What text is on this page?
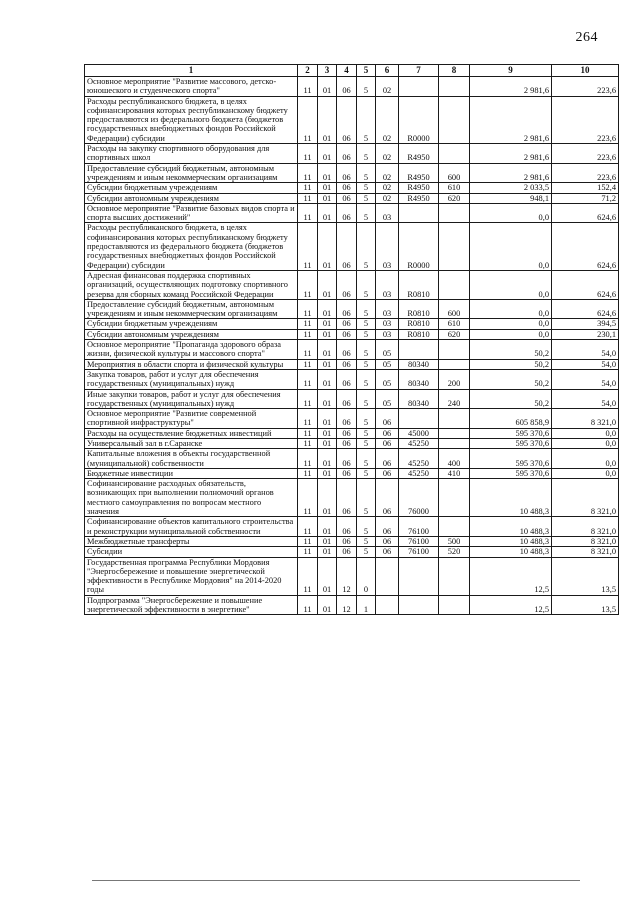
264
1	2	3	4	5	6	7	8	9	10
Основное мероприятие "Развитие массового, детско-юношеского и студенческого спорта"	11	01	06	5	02			2 981,6	223,6
Расходы республиканского бюджета, в целях софинансирования которых республиканскому бюджету предоставляются из федерального бюджета (бюджетов государственных внебюджетных фондов Российской Федерации) субсидии	11	01	06	5	02	R0000		2 981,6	223,6
Расходы на закупку спортивного оборудования для спортивных школ	11	01	06	5	02	R4950		2 981,6	223,6
Предоставление субсидий бюджетным, автономным учреждениям и иным некоммерческим организациям	11	01	06	5	02	R4950	600	2 981,6	223,6
Субсидии бюджетным учреждениям	11	01	06	5	02	R4950	610	2 033,5	152,4
Субсидии автономным учреждениям	11	01	06	5	02	R4950	620	948,1	71,2
Основное мероприятие "Развитие базовых видов спорта и спорта высших достижений"	11	01	06	5	03			0,0	624,6
Расходы республиканского бюджета, в целях софинансирования которых республиканскому бюджету предоставляются из федерального бюджета (бюджетов государственных внебюджетных фондов Российской Федерации) субсидии	11	01	06	5	03	R0000		0,0	624,6
Адресная финансовая поддержка спортивных организаций, осуществляющих подготовку спортивного резерва для сборных команд Российской Федерации	11	01	06	5	03	R0810		0,0	624,6
Предоставление субсидий бюджетным, автономным учреждениям и иным некоммерческим организациям	11	01	06	5	03	R0810	600	0,0	624,6
Субсидии бюджетным учреждениям	11	01	06	5	03	R0810	610	0,0	394,5
Субсидии автономным учреждениям	11	01	06	5	03	R0810	620	0,0	230,1
Основное мероприятие "Пропаганда здорового образа жизни, физической культуры и массового спорта"	11	01	06	5	05			50,2	54,0
Мероприятия в области спорта и физической культуры	11	01	06	5	05	80340		50,2	54,0
Закупка товаров, работ и услуг для обеспечения государственных (муниципальных) нужд	11	01	06	5	05	80340	200	50,2	54,0
Иные закупки товаров, работ и услуг для обеспечения государственных (муниципальных) нужд	11	01	06	5	05	80340	240	50,2	54,0
Основное мероприятие "Развитие современной спортивной инфраструктуры"	11	01	06	5	06			605 858,9	8 321,0
Расходы на осуществление бюджетных инвестиций	11	01	06	5	06	45000		595 370,6	0,0
Универсальный зал в г.Саранске	11	01	06	5	06	45250		595 370,6	0,0
Капитальные вложения в объекты государственной (муниципальной) собственности	11	01	06	5	06	45250	400	595 370,6	0,0
Бюджетные инвестиции	11	01	06	5	06	45250	410	595 370,6	0,0
Софинансирование расходных обязательств, возникающих при выполнении полномочий органов местного самоуправления по вопросам местного значения	11	01	06	5	06	76000		10 488,3	8 321,0
Софинансирование объектов капитального строительства и реконструкции муниципальной собственности	11	01	06	5	06	76100		10 488,3	8 321,0
Межбюджетные трансферты	11	01	06	5	06	76100	500	10 488,3	8 321,0
Субсидии	11	01	06	5	06	76100	520	10 488,3	8 321,0
Государственная программа Республики Мордовия "Энергосбережение и повышение энергетической эффективности в Республике Мордовия" на 2014-2020 годы	11	01	12	0				12,5	13,5
Подпрограмма "Энергосбережение и повышение энергетической эффективности в энергетике"	11	01	12	1				12,5	13,5
